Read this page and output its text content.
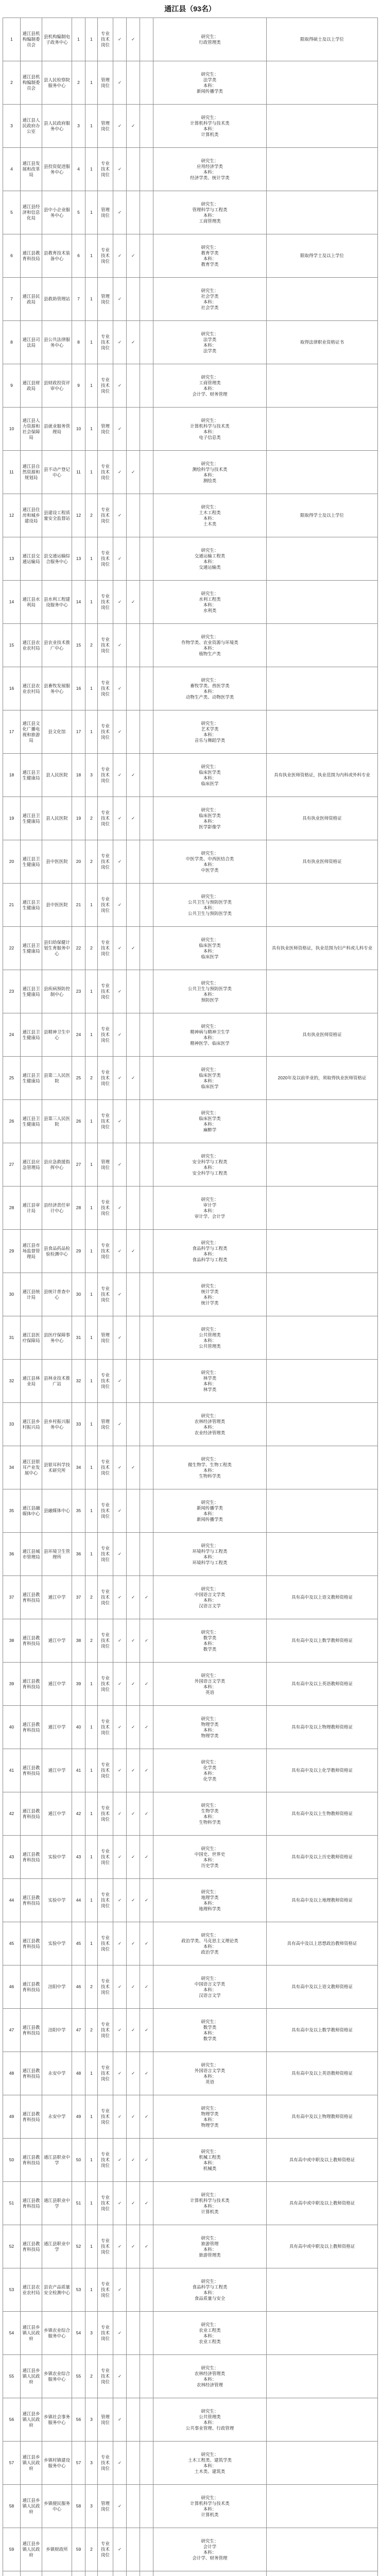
通江县（93名）
1	通江县机构编制委员会	县机构编制电子政务中心	1	1	专业技术岗位	✓	✓		研究生：
行政管理类	限取得硕士及以上学位

2	通江县机构编制委员会	县人民检察院服务中心	2	1	管理岗位	✓			研究生：
法学类
本科：
新闻传播学类	

3	通江县人民政府办公室	县人民政府服务中心	3	1	管理岗位	✓	✓		研究生：
计算机科学与技术类
本科：
计算机类	

4	通江县发展和改革局	县投资促进服务中心	4	1	专业技术岗位	✓			研究生：
应用经济学类
本科：
经济学类、统计学类	

5	通江县经济和信息化局	县中小企业服务中心	5	1	管理岗位	✓			研究生：
管理科学与工程类
本科：
工商管理类	

6	通江县教育科技局	县教育技术装备中心	6	1	专业技术岗位	✓	✓		研究生：
教育学类
本科：
教育学类	限取得学士及以上学位

7	通江县民政局	县救助管理站	7	1	管理岗位	✓			研究生：
社会学类
本科：
社会学类	

8	通江县司法局	县公共法律服务中心	8	1	专业技术岗位	✓	✓		研究生：
法学类
本科：
法学类	取得法律职业资格证书

9	通江县财政局	县财政投资评审中心	9	1	专业技术岗位	✓			研究生：
工商管理类
本科：
会计学、财务管理	

10	通江县人力资源和社会保障局	县就业服务管理局	10	1	管理岗位	✓			研究生：
计算机科学与技术类
本科：
电子信息类	

11	通江县自然资源和规划局	县不动产登记中心	11	1	专业技术岗位	✓	✓		研究生：
测绘科学与技术类
本科：
测绘类	

12	通江县住房和城乡建设局	县建设工程质量安全监督站	12	2	专业技术岗位	✓			研究生：
土木工程类
本科：
土木类	限取得学士及以上学位

13	通江县交通运输局	县交通运输综合服务中心	13	1	专业技术岗位	✓			研究生：
交通运输工程类
本科：
交通运输类	

14	通江县水利局	县水利工程建设服务中心	14	1	专业技术岗位	✓	✓		研究生：
水利工程类
本科：
水利类	

15	通江县农业农村局	县农业技术推广中心	15	2	专业技术岗位	✓			研究生：
作物学类、农业资源与环境类
本科：
植物生产类	

16	通江县农业农村局	县畜牧发展服务中心	16	1	专业技术岗位	✓			研究生：
畜牧学类、兽医学类
本科：
动物生产类、动物医学类	

17	通江县文化广播电视和旅游局	县文化馆	17	1	专业技术岗位	✓			研究生：
艺术学类
本科：
音乐与舞蹈学类	

18	通江县卫生健康局	县人民医院	18	3	专业技术岗位	✓	✓		研究生：
临床医学类
本科：
临床医学	具有执业医师资格证，执业范围为内科或外科专业

19	通江县卫生健康局	县人民医院	19	2	专业技术岗位	✓	✓		研究生：
临床医学类
本科：
医学影像学	具有执业医师资格证

20	通江县卫生健康局	县中医医院	20	2	专业技术岗位	✓			研究生：
中医学类、中西医结合类
本科：
中医学类	具有执业医师资格证

21	通江县卫生健康局	县中医医院	21	1	专业技术岗位	✓			研究生：
公共卫生与预防医学类
本科：
公共卫生与预防医学类	

22	通江县卫生健康局	县妇幼保健计划生育服务中心	22	2	专业技术岗位	✓	✓		研究生：
临床医学类
本科：
临床医学	具有执业医师资格证，执业范围为妇产科或儿科专业

23	通江县卫生健康局	县疾病预防控制中心	23	1	专业技术岗位	✓			研究生：
公共卫生与预防医学类
本科：
预防医学	

24	通江县卫生健康局	县精神卫生中心	24	1	专业技术岗位	✓			研究生：
精神病与精神卫生学
本科：
精神医学、临床医学	具有执业医师资格证

25	通江县卫生健康局	县第二人民医院	25	2	专业技术岗位	✓	✓		研究生：
临床医学类
本科：
临床医学	2020年及以前毕业的，须取得执业医师资格证

26	通江县卫生健康局	县第三人民医院	26	1	专业技术岗位	✓			研究生：
临床医学类
本科：
麻醉学	

27	通江县应急管理局	县应急救援指挥中心	27	1	管理岗位	✓			研究生：
安全科学与工程类
本科：
安全科学与工程类	

28	通江县审计局	县经济责任审计中心	28	1	专业技术岗位	✓			研究生：
审计学
本科：
审计学、会计学	

29	通江县市场监督管理局	县食品药品检验检测中心	29	1	专业技术岗位	✓	✓		研究生：
食品科学与工程类
本科：
食品科学与工程类	

30	通江县统计局	县统计普查中心	30	1	专业技术岗位	✓			研究生：
统计学类
本科：
统计学类	

31	通江县医疗保障局	县医疗保障事务中心	31	1	管理岗位	✓			研究生：
公共管理类
本科：
公共管理类	

32	通江县林业局	县林业技术推广站	32	1	专业技术岗位	✓			研究生：
林学类
本科：
林学类	

33	通江县乡村振兴局	县乡村振兴服务中心	33	1	管理岗位	✓			研究生：
农林经济管理类
本科：
农业经济管理类	

34	通江县银耳产业发展中心	县银耳科学技术研究所	34	1	专业技术岗位	✓	✓		研究生：
微生物学、生物工程类
本科：
生物科学类	

35	通江县融媒体中心	县融媒体中心	35	1	专业技术岗位	✓			研究生：
新闻传播学类
本科：
新闻传播学类	

36	通江县城市管理局	县环境卫生管理所	36	1	专业技术岗位	✓			研究生：
环境科学与工程类
本科：
环境科学与工程类	

37	通江县教育科技局	通江中学	37	2	专业技术岗位	✓	✓	✓	研究生：
中国语言文学类
本科：
汉语言文学	具有高中及以上语文教师资格证

38	通江县教育科技局	通江中学	38	2	专业技术岗位	✓	✓	✓	研究生：
数学类
本科：
数学类	具有高中及以上数学教师资格证

39	通江县教育科技局	通江中学	39	1	专业技术岗位	✓	✓	✓	研究生：
外国语言文学类
本科：
英语	具有高中及以上英语教师资格证

40	通江县教育科技局	通江中学	40	1	专业技术岗位	✓	✓	✓	研究生：
物理学类
本科：
物理学类	具有高中及以上物理教师资格证

41	通江县教育科技局	通江中学	41	1	专业技术岗位	✓	✓	✓	研究生：
化学类
本科：
化学类	具有高中及以上化学教师资格证

42	通江县教育科技局	通江中学	42	1	专业技术岗位	✓	✓	✓	研究生：
生物学类
本科：
生物科学类	具有高中及以上生物教师资格证

43	通江县教育科技局	实验中学	43	1	专业技术岗位	✓	✓	✓	研究生：
中国史、世界史
本科：
历史学类	具有高中及以上历史教师资格证

44	通江县教育科技局	实验中学	44	1	专业技术岗位	✓	✓	✓	研究生：
地理学类
本科：
地理科学类	具有高中及以上地理教师资格证

45	通江县教育科技局	实验中学	45	1	专业技术岗位	✓	✓	✓	研究生：
政治学类、马克思主义理论类
本科：
政治学类	具有高中及以上思想政治教师资格证

46	通江县教育科技局	涪阳中学	46	2	专业技术岗位	✓	✓	✓	研究生：
中国语言文学类
本科：
汉语言文学	具有高中及以上语文教师资格证

47	通江县教育科技局	涪阳中学	47	2	专业技术岗位	✓	✓	✓	研究生：
数学类
本科：
数学类	具有高中及以上数学教师资格证

48	通江县教育科技局	永安中学	48	1	专业技术岗位	✓	✓	✓	研究生：
外国语言文学类
本科：
英语	具有高中及以上英语教师资格证

49	通江县教育科技局	永安中学	49	1	专业技术岗位	✓	✓	✓	研究生：
物理学类
本科：
物理学类	具有高中及以上物理教师资格证

50	通江县教育科技局	通江县职业中学	50	1	专业技术岗位	✓	✓	✓	研究生：
机械工程类
本科：
机械类	具有高中或中职及以上教师资格证

51	通江县教育科技局	通江县职业中学	51	1	专业技术岗位	✓	✓	✓	研究生：
计算机科学与技术类
本科：
计算机类	具有高中或中职及以上教师资格证

52	通江县教育科技局	通江县职业中学	52	1	专业技术岗位	✓	✓	✓	研究生：
旅游管理
本科：
旅游管理类	具有高中或中职及以上教师资格证

53	通江县农业农村局	县农产品质量安全检测中心	53	1	专业技术岗位	✓			研究生：
食品科学与工程类
本科：
食品质量与安全	

54	通江县乡镇人民政府	乡镇农业综合服务中心	54	3	专业技术岗位	✓			研究生：
农业工程类
本科：
农业工程类	

55	通江县乡镇人民政府	乡镇农业综合服务中心	55	2	专业技术岗位	✓			研究生：
农林经济管理类
本科：
农林经济管理	

56	通江县乡镇人民政府	乡镇社会事务服务中心	56	3	管理岗位	✓			研究生：
公共管理类
本科：
公共事业管理、行政管理	

57	通江县乡镇人民政府	乡镇村镇建设服务中心	57	3	专业技术岗位	✓			研究生：
土木工程类、建筑学类
本科：
土木类、建筑类	

58	通江县乡镇人民政府	乡镇便民服务中心	58	3	管理岗位	✓			研究生：
计算机科学与技术类
本科：
计算机类	

59	通江县乡镇人民政府	乡镇财政所	59	2	专业技术岗位	✓			研究生：
会计学
本科：
会计学、财务管理	
